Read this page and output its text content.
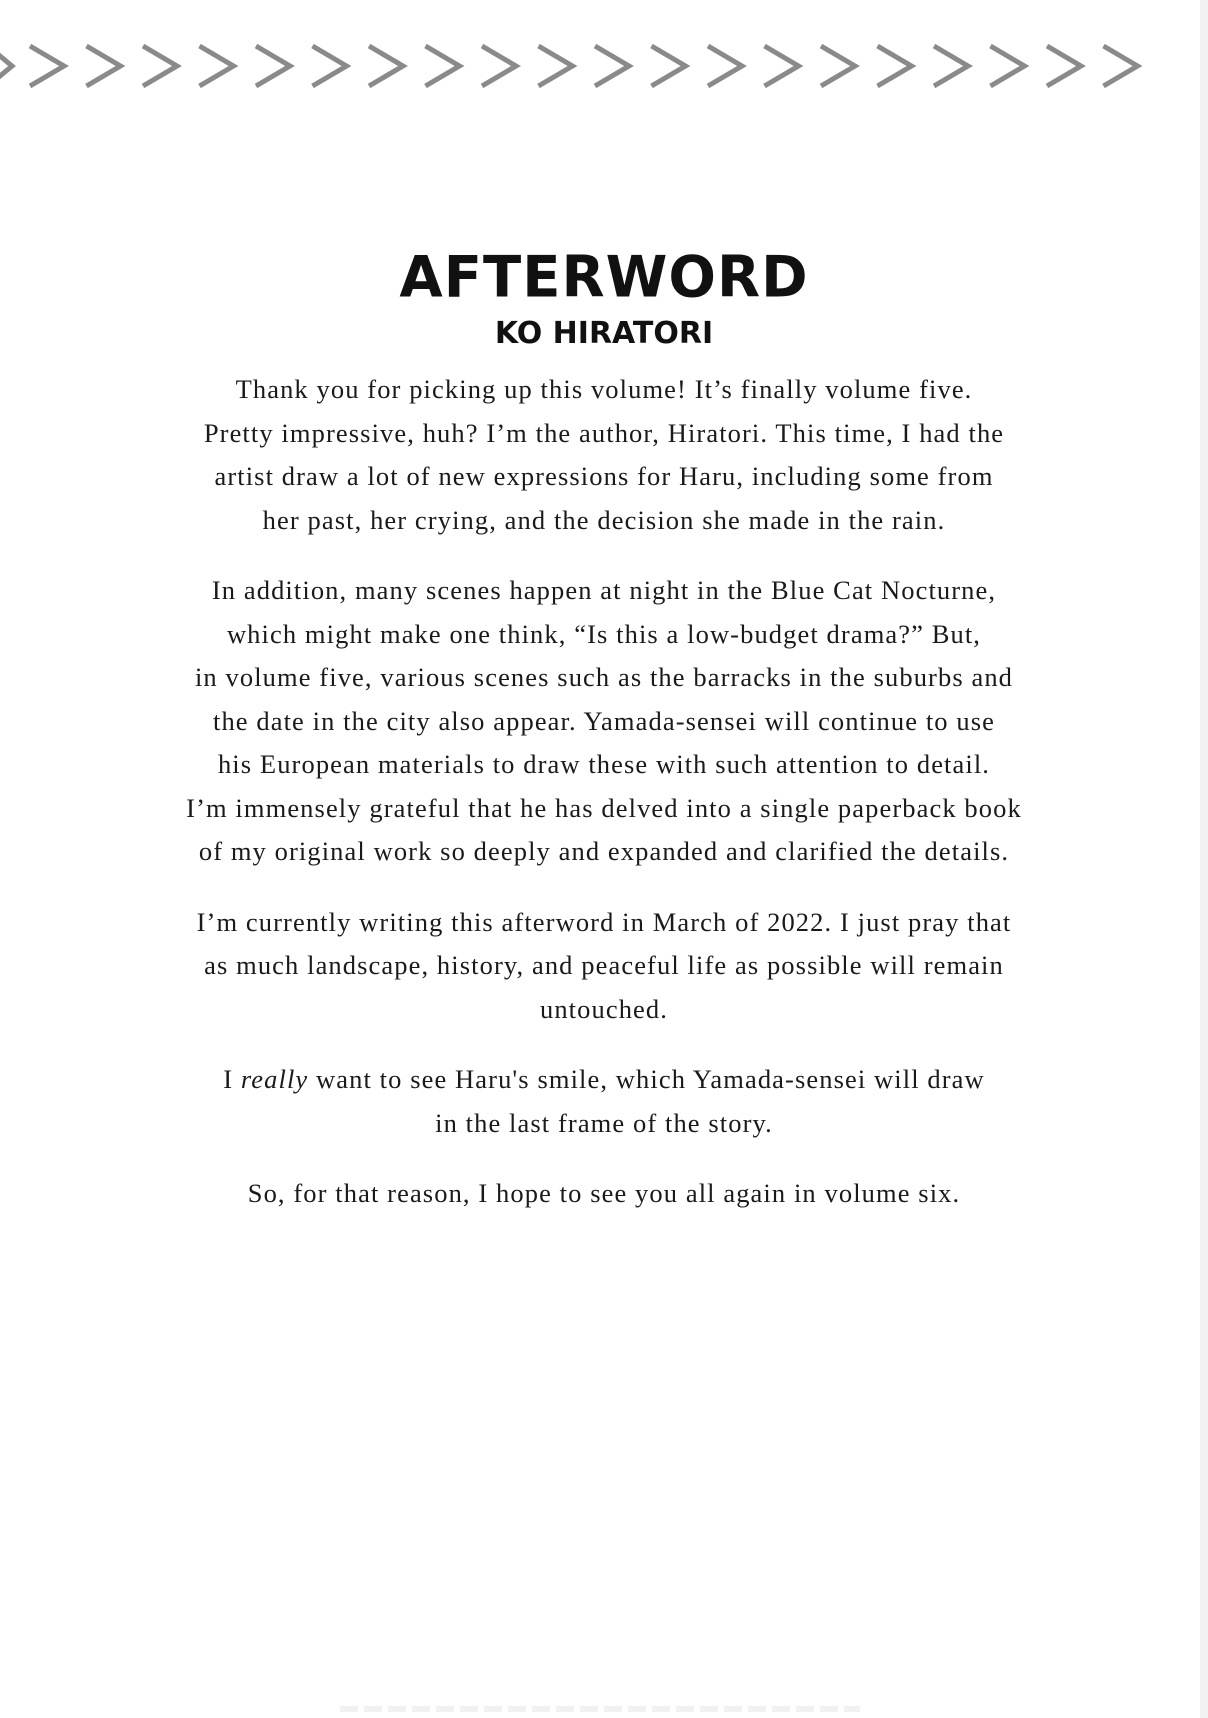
AFTERWORD
KO HIRATORI

Thank you for picking up this volume! It’s finally volume five.
Pretty impressive, huh? I’m the author, Hiratori. This time, I had the
artist draw a lot of new expressions for Haru, including some from
her past, her crying, and the decision she made in the rain.

In addition, many scenes happen at night in the Blue Cat Nocturne,
which might make one think, “Is this a low-budget drama?” But,
in volume five, various scenes such as the barracks in the suburbs and
the date in the city also appear. Yamada-sensei will continue to use
his European materials to draw these with such attention to detail.
I’m immensely grateful that he has delved into a single paperback book
of my original work so deeply and expanded and clarified the details.

I’m currently writing this afterword in March of 2022. I just pray that
as much landscape, history, and peaceful life as possible will remain
untouched.

I really want to see Haru's smile, which Yamada-sensei will draw
in the last frame of the story.

So, for that reason, I hope to see you all again in volume six.
